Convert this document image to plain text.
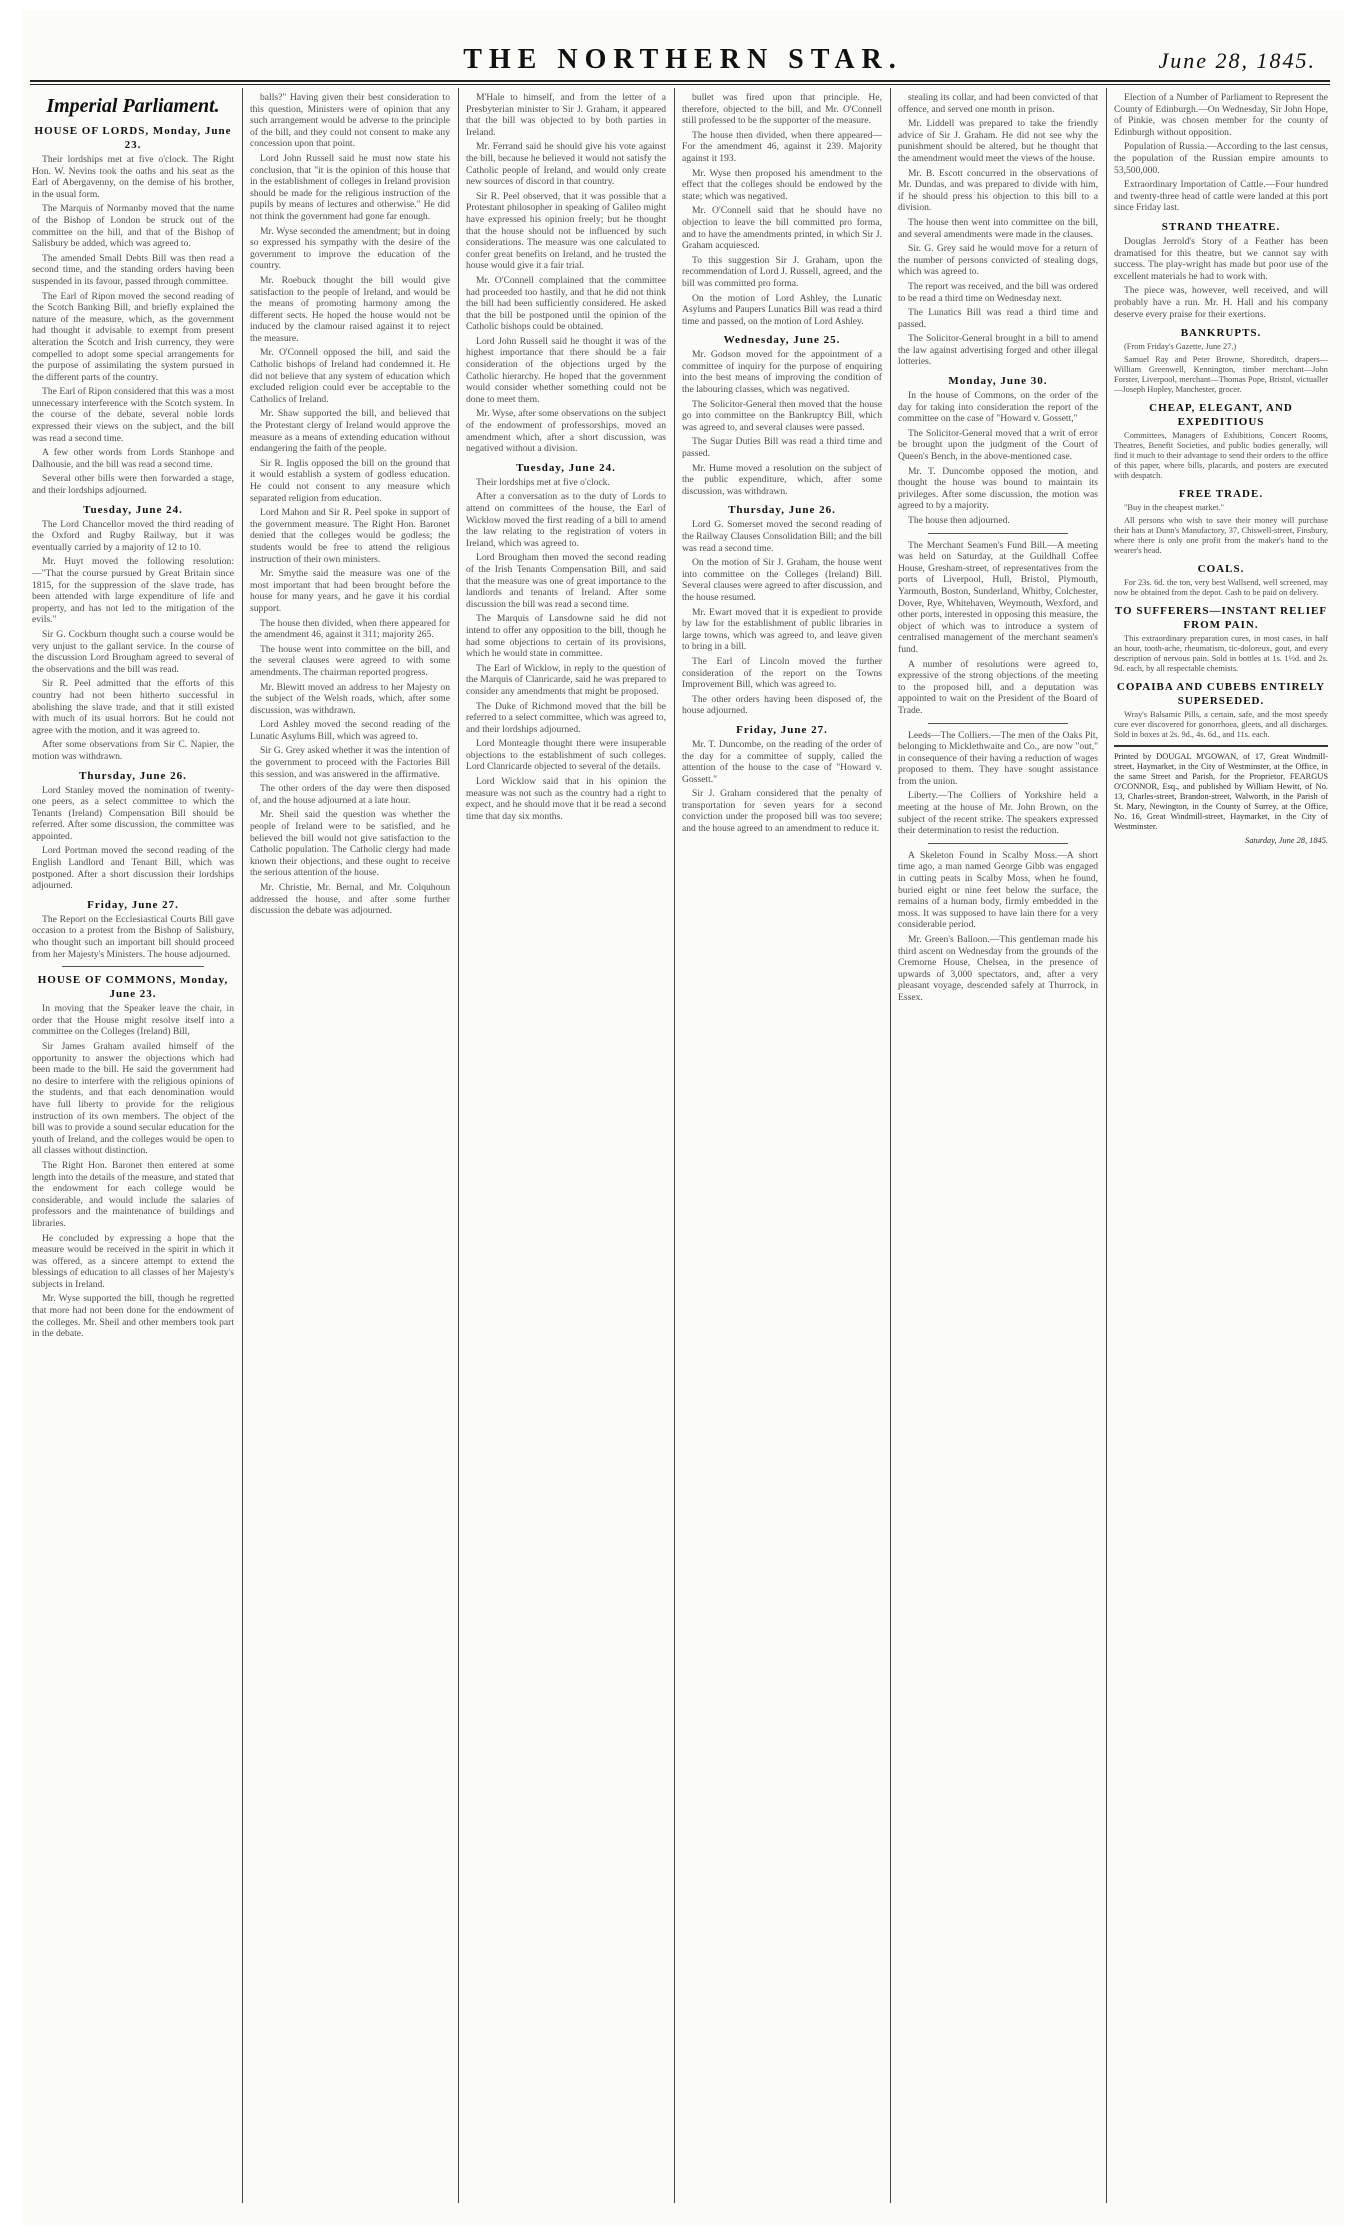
THE NORTHERN STAR.	June 28, 1845.
Imperial Parliament.
HOUSE OF LORDS, Monday, June 23.

Their lordships met at five o'clock. The Right Hon. W. Nevins took the oaths and his seat as the Earl of Abergavenny, on the demise of his brother, in the usual form.

The Marquis of Normanby moved that the name of the Bishop of London be struck out of the committee on the bill, and that of the Bishop of Salisbury be added, which was agreed to.

The amended Small Debts Bill was then read a second time, and the standing orders having been suspended in its favour, passed through committee.

The Earl of Ripon moved the second reading of the Scotch Banking Bill, and briefly explained the nature of the measure, which, as the government had thought it advisable to exempt from present alteration the Scotch and Irish currency, they were compelled to adopt some special arrangements for the purpose of assimilating the system pursued in the different parts of the country.

The Earl of Ripon considered that this was a most unnecessary interference with the Scotch system. In the course of the debate, several noble lords expressed their views on the subject, and the bill was read a second time.

A few other words from Lords Stanhope and Dalhousie, and the bill was read a second time.

Several other bills were then forwarded a stage, and their lordships adjourned.

Tuesday, June 24.

The Lord Chancellor moved the third reading of the Oxford and Rugby Railway, but it was eventually carried by a majority of 12 to 10.

Mr. Huyt moved the following resolution:—"That the course pursued by Great Britain since 1815, for the suppression of the slave trade, has been attended with large expenditure of life and property, and has not led to the mitigation of the evils."

Sir G. Cockburn thought such a course would be very unjust to the gallant service. In the course of the discussion Lord Brougham agreed to several of the observations and the bill was read.

Sir R. Peel admitted that the efforts of this country had not been hitherto successful in abolishing the slave trade, and that it still existed with much of its usual horrors. But he could not agree with the motion, and it was agreed to.

After some observations from Sir C. Napier, the motion was withdrawn.

Thursday, June 26.

Lord Stanley moved the nomination of twenty-one peers, as a select committee to which the Tenants (Ireland) Compensation Bill should be referred. After some discussion, the committee was appointed.

Lord Portman moved the second reading of the English Landlord and Tenant Bill, which was postponed. After a short discussion their lordships adjourned.

Friday, June 27.

The Report on the Ecclesiastical Courts Bill gave occasion to a protest from the Bishop of Salisbury, who thought such an important bill should proceed from her Majesty's Ministers. The house adjourned.

HOUSE OF COMMONS, Monday, June 23.

In moving that the Speaker leave the chair, in order that the House might resolve itself into a committee on the Colleges (Ireland) Bill,

Sir James Graham availed himself of the opportunity to answer the objections which had been made to the bill. He said the government had no desire to interfere with the religious opinions of the students, and that each denomination would have full liberty to provide for the religious instruction of its own members. The object of the bill was to provide a sound secular education for the youth of Ireland, and the colleges would be open to all classes without distinction.

The Right Hon. Baronet then entered at some length into the details of the measure, and stated that the endowment for each college would be considerable, and would include the salaries of professors and the maintenance of buildings and libraries.

He concluded by expressing a hope that the measure would be received in the spirit in which it was offered, as a sincere attempt to extend the blessings of education to all classes of her Majesty's subjects in Ireland.

Mr. Wyse supported the bill, though he regretted that more had not been done for the endowment of the colleges. Mr. Sheil and other members took part in the debate.

balls?" Having given their best consideration to this question, Ministers were of opinion that any such arrangement would be adverse to the principle of the bill, and they could not consent to make any concession upon that point.

Lord John Russell said he must now state his conclusion, that "it is the opinion of this house that in the establishment of colleges in Ireland provision should be made for the religious instruction of the pupils by means of lectures and otherwise." He did not think the government had gone far enough.

Mr. Wyse seconded the amendment; but in doing so expressed his sympathy with the desire of the government to improve the education of the country.

Mr. Roebuck thought the bill would give satisfaction to the people of Ireland, and would be the means of promoting harmony among the different sects. He hoped the house would not be induced by the clamour raised against it to reject the measure.

Mr. O'Connell opposed the bill, and said the Catholic bishops of Ireland had condemned it. He did not believe that any system of education which excluded religion could ever be acceptable to the Catholics of Ireland.

Mr. Shaw supported the bill, and believed that the Protestant clergy of Ireland would approve the measure as a means of extending education without endangering the faith of the people.

Sir R. Inglis opposed the bill on the ground that it would establish a system of godless education. He could not consent to any measure which separated religion from education.

Lord Mahon and Sir R. Peel spoke in support of the government measure. The Right Hon. Baronet denied that the colleges would be godless; the students would be free to attend the religious instruction of their own ministers.

Mr. Smythe said the measure was one of the most important that had been brought before the house for many years, and he gave it his cordial support.

The house then divided, when there appeared for the amendment 46, against it 311; majority 265.

The house went into committee on the bill, and the several clauses were agreed to with some amendments. The chairman reported progress.

Mr. Blewitt moved an address to her Majesty on the subject of the Welsh roads, which, after some discussion, was withdrawn.

Lord Ashley moved the second reading of the Lunatic Asylums Bill, which was agreed to.

Sir G. Grey asked whether it was the intention of the government to proceed with the Factories Bill this session, and was answered in the affirmative.

The other orders of the day were then disposed of, and the house adjourned at a late hour.

Mr. Sheil said the question was whether the people of Ireland were to be satisfied, and he believed the bill would not give satisfaction to the Catholic population. The Catholic clergy had made known their objections, and these ought to receive the serious attention of the house.

Mr. Christie, Mr. Bernal, and Mr. Colquhoun addressed the house, and after some further discussion the debate was adjourned.

M'Hale to himself, and from the letter of a Presbyterian minister to Sir J. Graham, it appeared that the bill was objected to by both parties in Ireland.

Mr. Ferrand said he should give his vote against the bill, because he believed it would not satisfy the Catholic people of Ireland, and would only create new sources of discord in that country.

Sir R. Peel observed, that it was possible that a Protestant philosopher in speaking of Galileo might have expressed his opinion freely; but he thought that the house should not be influenced by such considerations. The measure was one calculated to confer great benefits on Ireland, and he trusted the house would give it a fair trial.

Mr. O'Connell complained that the committee had proceeded too hastily, and that he did not think the bill had been sufficiently considered. He asked that the bill be postponed until the opinion of the Catholic bishops could be obtained.

Lord John Russell said he thought it was of the highest importance that there should be a fair consideration of the objections urged by the Catholic hierarchy. He hoped that the government would consider whether something could not be done to meet them.

Mr. Wyse, after some observations on the subject of the endowment of professorships, moved an amendment which, after a short discussion, was negatived without a division.

Tuesday, June 24.

Their lordships met at five o'clock.

After a conversation as to the duty of Lords to attend on committees of the house, the Earl of Wicklow moved the first reading of a bill to amend the law relating to the registration of voters in Ireland, which was agreed to.

Lord Brougham then moved the second reading of the Irish Tenants Compensation Bill, and said that the measure was one of great importance to the landlords and tenants of Ireland. After some discussion the bill was read a second time.

The Marquis of Lansdowne said he did not intend to offer any opposition to the bill, though he had some objections to certain of its provisions, which he would state in committee.

The Earl of Wicklow, in reply to the question of the Marquis of Clanricarde, said he was prepared to consider any amendments that might be proposed.

The Duke of Richmond moved that the bill be referred to a select committee, which was agreed to, and their lordships adjourned.

Lord Monteagle thought there were insuperable objections to the establishment of such colleges. Lord Clanricarde objected to several of the details.

Lord Wicklow said that in his opinion the measure was not such as the country had a right to expect, and he should move that it be read a second time that day six months.

bullet was fired upon that principle. He, therefore, objected to the bill, and Mr. O'Connell still professed to be the supporter of the measure.

The house then divided, when there appeared—For the amendment 46, against it 239. Majority against it 193.

Mr. Wyse then proposed his amendment to the effect that the colleges should be endowed by the state; which was negatived.

Mr. O'Connell said that he should have no objection to leave the bill committed pro forma, and to have the amendments printed, in which Sir J. Graham acquiesced.

To this suggestion Sir J. Graham, upon the recommendation of Lord J. Russell, agreed, and the bill was committed pro forma.

On the motion of Lord Ashley, the Lunatic Asylums and Paupers Lunatics Bill was read a third time and passed, on the motion of Lord Ashley.

Wednesday, June 25.

Mr. Godson moved for the appointment of a committee of inquiry for the purpose of enquiring into the best means of improving the condition of the labouring classes, which was negatived.

The Solicitor-General then moved that the house go into committee on the Bankruptcy Bill, which was agreed to, and several clauses were passed.

The Sugar Duties Bill was read a third time and passed.

Mr. Hume moved a resolution on the subject of the public expenditure, which, after some discussion, was withdrawn.

Thursday, June 26.

Lord G. Somerset moved the second reading of the Railway Clauses Consolidation Bill; and the bill was read a second time.

On the motion of Sir J. Graham, the house went into committee on the Colleges (Ireland) Bill. Several clauses were agreed to after discussion, and the house resumed.

Mr. Ewart moved that it is expedient to provide by law for the establishment of public libraries in large towns, which was agreed to, and leave given to bring in a bill.

The Earl of Lincoln moved the further consideration of the report on the Towns Improvement Bill, which was agreed to.

The other orders having been disposed of, the house adjourned.

Friday, June 27.

Mr. T. Duncombe, on the reading of the order of the day for a committee of supply, called the attention of the house to the case of "Howard v. Gossett."

Sir J. Graham considered that the penalty of transportation for seven years for a second conviction under the proposed bill was too severe; and the house agreed to an amendment to reduce it.

stealing its collar, and had been convicted of that offence, and served one month in prison.

Mr. Liddell was prepared to take the friendly advice of Sir J. Graham. He did not see why the punishment should be altered, but he thought that the amendment would meet the views of the house.

Mr. B. Escott concurred in the observations of Mr. Dundas, and was prepared to divide with him, if he should press his objection to this bill to a division.

The house then went into committee on the bill, and several amendments were made in the clauses.

Sir. G. Grey said he would move for a return of the number of persons convicted of stealing dogs, which was agreed to.

The report was received, and the bill was ordered to be read a third time on Wednesday next.

The Lunatics Bill was read a third time and passed.

The Solicitor-General brought in a bill to amend the law against advertising forged and other illegal lotteries.

Monday, June 30.

In the house of Commons, on the order of the day for taking into consideration the report of the committee on the case of "Howard v. Gossett,"

The Solicitor-General moved that a writ of error be brought upon the judgment of the Court of Queen's Bench, in the above-mentioned case.

Mr. T. Duncombe opposed the motion, and thought the house was bound to maintain its privileges. After some discussion, the motion was agreed to by a majority.

The house then adjourned.

The Merchant Seamen's Fund Bill.—A meeting was held on Saturday, at the Guildhall Coffee House, Gresham-street, of representatives from the ports of Liverpool, Hull, Bristol, Plymouth, Yarmouth, Boston, Sunderland, Whitby, Colchester, Dover, Rye, Whitehaven, Weymouth, Wexford, and other ports, interested in opposing this measure, the object of which was to introduce a system of centralised management of the merchant seamen's fund.

A number of resolutions were agreed to, expressive of the strong objections of the meeting to the proposed bill, and a deputation was appointed to wait on the President of the Board of Trade.

Leeds—The Colliers.—The men of the Oaks Pit, belonging to Micklethwaite and Co., are now "out," in consequence of their having a reduction of wages proposed to them. They have sought assistance from the union.

Liberty.—The Colliers of Yorkshire held a meeting at the house of Mr. John Brown, on the subject of the recent strike. The speakers expressed their determination to resist the reduction.

A Skeleton Found in Scalby Moss.—A short time ago, a man named George Gibb was engaged in cutting peats in Scalby Moss, when he found, buried eight or nine feet below the surface, the remains of a human body, firmly embedded in the moss. It was supposed to have lain there for a very considerable period.

Mr. Green's Balloon.—This gentleman made his third ascent on Wednesday from the grounds of the Cremorne House, Chelsea, in the presence of upwards of 3,000 spectators, and, after a very pleasant voyage, descended safely at Thurrock, in Essex.

Election of a Number of Parliament to Represent the County of Edinburgh.—On Wednesday, Sir John Hope, of Pinkie, was chosen member for the county of Edinburgh without opposition.

Population of Russia.—According to the last census, the population of the Russian empire amounts to 53,500,000.

Extraordinary Importation of Cattle.—Four hundred and twenty-three head of cattle were landed at this port since Friday last.

STRAND THEATRE.

Douglas Jerrold's Story of a Feather has been dramatised for this theatre, but we cannot say with success. The play-wright has made but poor use of the excellent materials he had to work with.

The piece was, however, well received, and will probably have a run. Mr. H. Hall and his company deserve every praise for their exertions.

BANKRUPTS.

(From Friday's Gazette, June 27.)

Samuel Ray and Peter Browne, Shoreditch, drapers—William Greenwell, Kennington, timber merchant—John Forster, Liverpool, merchant—Thomas Pope, Bristol, victualler—Joseph Hopley, Manchester, grocer.

CHEAP, ELEGANT, AND EXPEDITIOUS

Committees, Managers of Exhibitions, Concert Rooms, Theatres, Benefit Societies, and public bodies generally, will find it much to their advantage to send their orders to the office of this paper, where bills, placards, and posters are executed with despatch.

FREE TRADE.

"Buy in the cheapest market."

All persons who wish to save their money will purchase their hats at Dunn's Manufactory, 37, Chiswell-street, Finsbury, where there is only one profit from the maker's hand to the wearer's head.

COALS.

For 23s. 6d. the ton, very best Wallsend, well screened, may now be obtained from the depot. Cash to be paid on delivery.

TO SUFFERERS—INSTANT RELIEF FROM PAIN.

This extraordinary preparation cures, in most cases, in half an hour, tooth-ache, rheumatism, tic-doloreux, gout, and every description of nervous pain. Sold in bottles at 1s. 1½d. and 2s. 9d. each, by all respectable chemists.

COPAIBA AND CUBEBS ENTIRELY SUPERSEDED.

Wray's Balsamic Pills, a certain, safe, and the most speedy cure ever discovered for gonorrhoea, gleets, and all discharges. Sold in boxes at 2s. 9d., 4s. 6d., and 11s. each.

Printed by DOUGAL M'GOWAN, of 17, Great Windmill-street, Haymarket, in the City of Westminster, at the Office, in the same Street and Parish, for the Proprietor, FEARGUS O'CONNOR, Esq., and published by William Hewitt, of No. 13, Charles-street, Brandon-street, Walworth, in the Parish of St. Mary, Newington, in the County of Surrey, at the Office, No. 16, Great Windmill-street, Haymarket, in the City of Westminster.
Saturday, June 28, 1845.
